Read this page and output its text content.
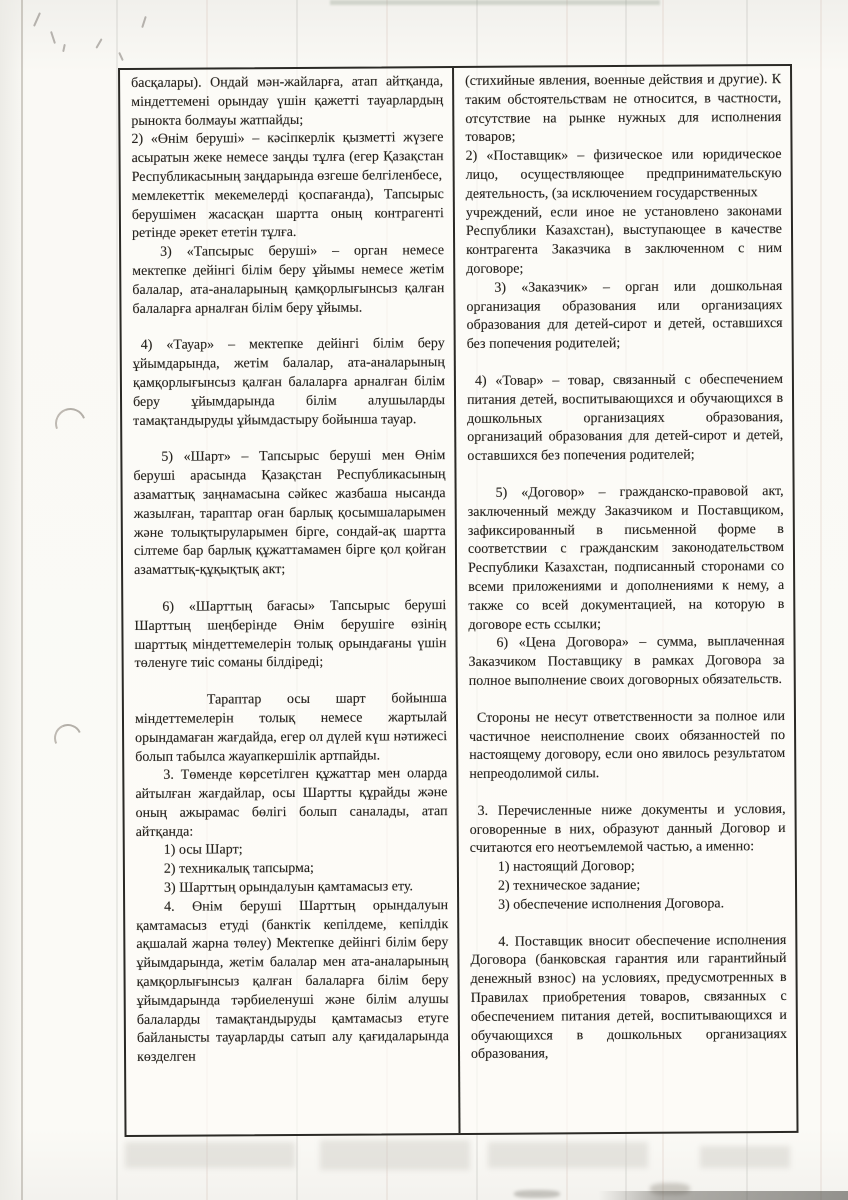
басқалары). Ондай мән-жайларға, атап айтқанда, міндеттемені орындау үшін қажетті тауарлардың рынокта болмауы жатпайды;

2) «Өнім беруші» – кәсіпкерлік қызметті жүзеге асыратын жеке немесе заңды тұлға (егер Қазақстан Республикасының заңдарында өзгеше белгіленбесе,

мемлекеттік мекемелерді қоспағанда), Тапсырыс берушімен жасасқан шартта оның контрагенті ретінде әрекет ететін тұлға.

3) «Тапсырыс беруші» – орган немесе мектепке дейінгі білім беру ұйымы немесе жетім балалар, ата-аналарының қамқорлығынсыз қалған балаларға арналған білім беру ұйымы.

4) «Тауар» – мектепке дейінгі білім беру ұйымдарында, жетім балалар, ата-аналарының қамқорлығынсыз қалған балаларға арналған білім беру ұйымдарында білім алушыларды тамақтандыруды ұйымдастыру бойынша тауар.

5) «Шарт» – Тапсырыс беруші мен Өнім беруші арасында Қазақстан Республикасының азаматтық заңнамасына сәйкес жазбаша нысанда жазылған, тараптар оған барлық қосымшаларымен және толықтыруларымен бірге, сондай-ақ шартта сілтеме бар барлық құжаттамамен бірге қол қойған азаматтық-құқықтық акт;

6) «Шарттың бағасы» Тапсырыс беруші Шарттың шеңберінде Өнім берушіге өзінің шарттық міндеттемелерін толық орындағаны үшін төленуге тиіс соманы білдіреді;

Тараптар осы шарт бойынша міндеттемелерін толық немесе жартылай орындамаған жағдайда, егер ол дүлей күш нәтижесі болып табылса жауапкершілік артпайды.

3. Төменде көрсетілген құжаттар мен оларда айтылған жағдайлар, осы Шартты құрайды және оның ажырамас бөлігі болып саналады, атап айтқанда:

1) осы Шарт;

2) техникалық тапсырма;

3) Шарттың орындалуын қамтамасыз ету.

4. Өнім беруші Шарттың орындалуын қамтамасыз етуді (банктік кепілдеме, кепілдік ақшалай жарна төлеу) Мектепке дейінгі білім беру ұйымдарында, жетім балалар мен ата-аналарының қамқорлығынсыз қалған балаларға білім беру ұйымдарында тәрбиеленуші және білім алушы балаларды тамақтандыруды қамтамасыз етуге байланысты тауарларды сатып алу қағидаларында көзделген

(стихийные явления, военные действия и другие). К таким обстоятельствам не относится, в частности, отсутствие на рынке нужных для исполнения товаров;

2) «Поставщик» – физическое или юридическое лицо, осуществляющее предпринимательскую деятельность, (за исключением государственных

учреждений, если иное не установлено законами Республики Казахстан), выступающее в качестве контрагента Заказчика в заключенном с ним договоре;

3) «Заказчик» – орган или дошкольная организация образования или организациях образования для детей-сирот и детей, оставшихся без попечения родителей;

4) «Товар» – товар, связанный с обеспечением питания детей, воспитывающихся и обучающихся в дошкольных организациях образования, организаций образования для детей-сирот и детей, оставшихся без попечения родителей;

5) «Договор» – гражданско-правовой акт, заключенный между Заказчиком и Поставщиком, зафиксированный в письменной форме в соответствии с гражданским законодательством Республики Казахстан, подписанный сторонами со всеми приложениями и дополнениями к нему, а также со всей документацией, на которую в договоре есть ссылки;

6) «Цена Договора» – сумма, выплаченная Заказчиком Поставщику в рамках Договора за полное выполнение своих договорных обязательств.

Стороны не несут ответственности за полное или частичное неисполнение своих обязанностей по настоящему договору, если оно явилось результатом непреодолимой силы.

3. Перечисленные ниже документы и условия, оговоренные в них, образуют данный Договор и считаются его неотъемлемой частью, а именно:

1) настоящий Договор;

2) техническое задание;

3) обеспечение исполнения Договора.

4. Поставщик вносит обеспечение исполнения Договора (банковская гарантия или гарантийный денежный взнос) на условиях, предусмотренных в Правилах приобретения товаров, связанных с обеспечением питания детей, воспитывающихся и обучающихся в дошкольных организациях образования,
